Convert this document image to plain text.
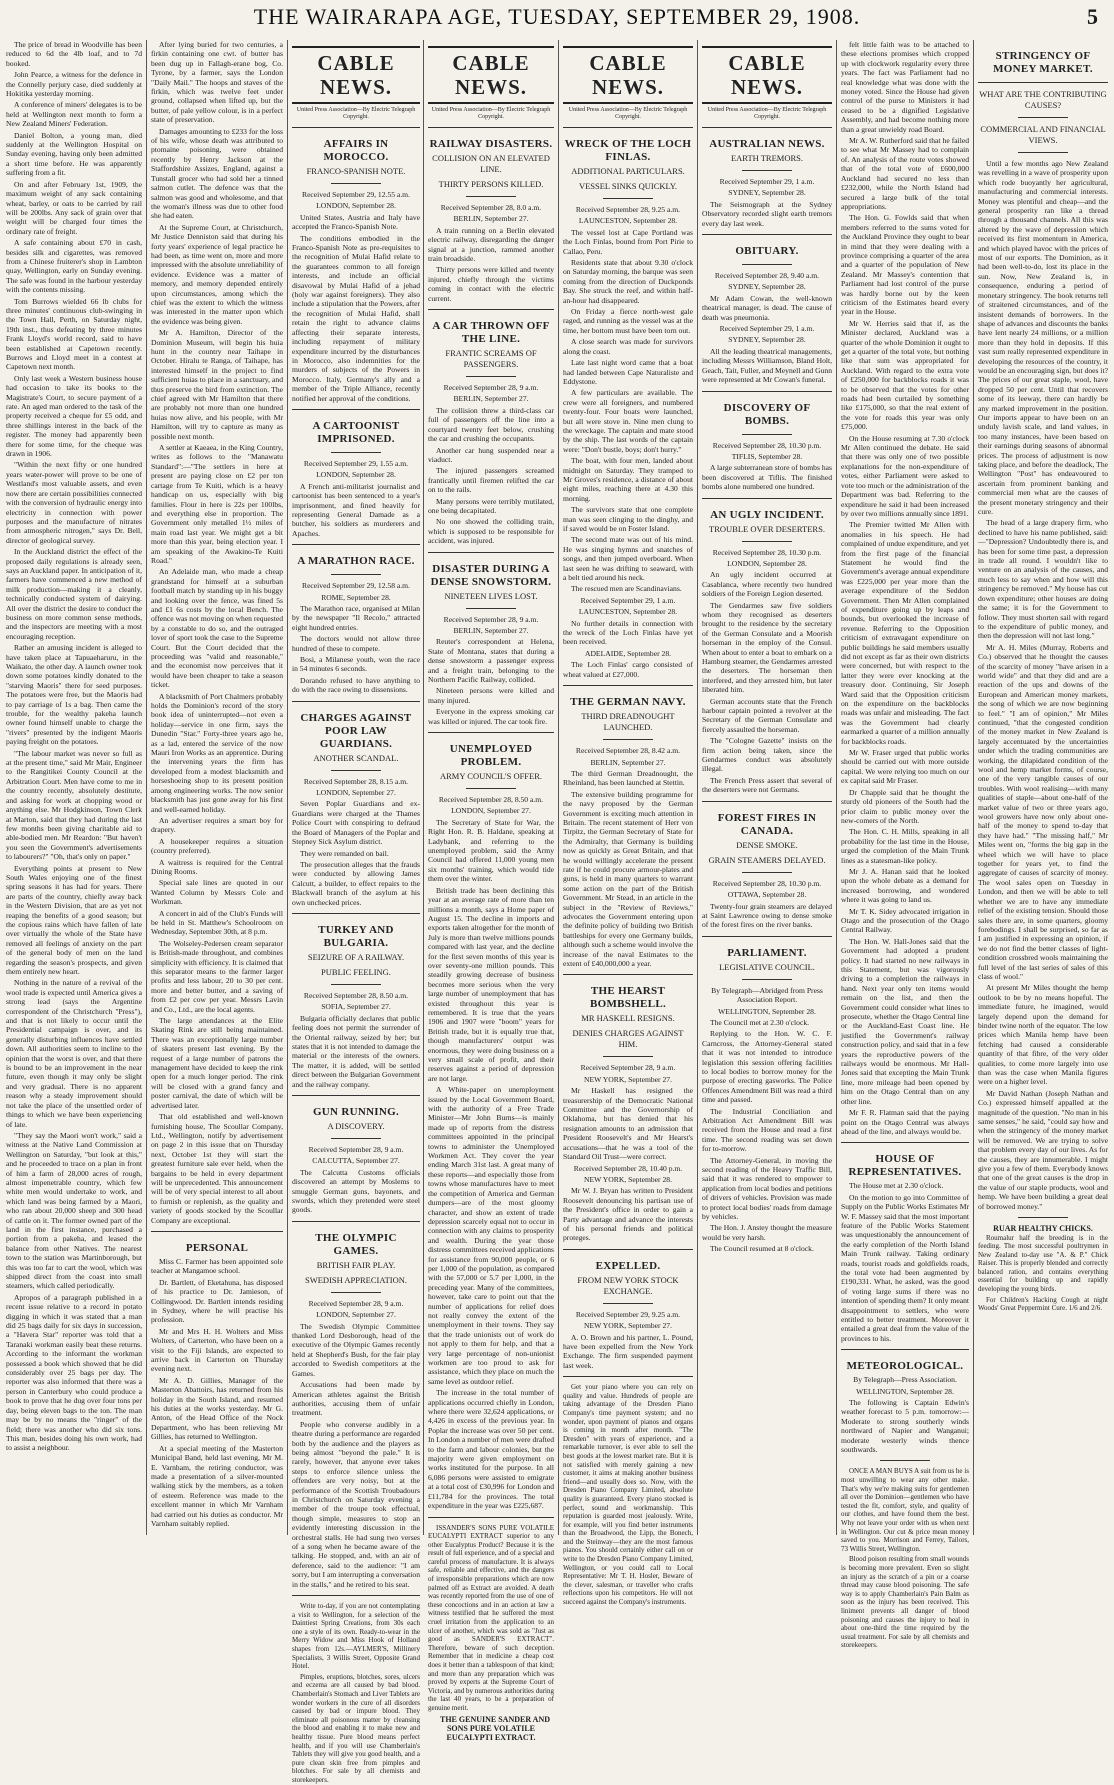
THE WAIRARAPA AGE, TUESDAY, SEPTEMBER 29, 1908.	5

The price of bread in Woodville has been reduced to 6d the 4lb loaf, and to 7d booked.

John Pearce, a witness for the defence in the Connelly perjury case, died suddenly at Hokitika yesterday morning.

A conference of miners' delegates is to be held at Wellington next month to form a New Zealand Miners' Federation.

Daniel Bolton, a young man, died suddenly at the Wellington Hospital on Sunday evening, having only been admitted a short time before. He was apparently suffering from a fit.

On and after February 1st, 1909, the maximum weight of any sack containing wheat, barley, or oats to be carried by rail will be 200lbs. Any sack of grain over that weight will be charged four times the ordinary rate of freight.

A safe containing about £70 in cash, besides silk and cigarettes, was removed from a Chinese fruiterer's shop in Lambton quay, Wellington, early on Sunday evening. The safe was found in the harbour yesterday with the contents missing.

Tom Burrows wielded 66 lb clubs for three minutes' continuous club-swinging in the Town Hall, Perth, on Saturday night, 19th inst., thus defeating by three minutes Frank Lloyd's world record, said to have been established at Capetown recently. Burrows and Lloyd meet in a contest at Capetown next month.

Only last week a Western business house had occasion to take its books to the Magistrate's Court, to secure payment of a rate. An aged man ordered to the task of the property received a cheque for £5 odd, and three shillings interest in the back of the register. The money had apparently been there for some time, for the cheque was drawn in 1906.

"Within the next fifty or one hundred years water-power will prove to be one of Westland's most valuable assets, and even now there are certain possibilities connected with the conversion of hydraulic energy into electricity in connection with power purposes and the manufacture of nitrates from atmospheric nitrogen," says Dr. Bell, director of geological survey.

In the Auckland district the effect of the proposed daily regulations is already seen, says an Auckland paper. In anticipation of it, farmers have commenced a new method of milk production—making it a cleanly, technically conducted system of dairying. All over the district the desire to conduct the business on more common sense methods, and the inspectors are meeting with a most encouraging reception.

Rather an amusing incident is alleged to have taken place at Tapuaeharuru, in the Waikato, the other day. A launch owner took down some potatoes kindly donated to the "starving Maoris" there for seed purposes. The potatoes were free, but the Maoris had to pay carriage of 1s a bag. Then came the trouble, for the wealthy pakeha launch owner found himself unable to charge the "rivers" presented by the indigent Maoris paying freight on the potatoes.

"The labour market was never so full as at the present time," said Mr Mair, Engineer to the Rangitikei County Council at the Arbitration Court. Men have come to me in the country recently, absolutely destitute, and asking for work at chopping wood or anything else. Mr Hodgkinson, Town Clerk at Marton, said that they had during the last few months been giving charitable aid to able-bodied men. Mr Reardon: "But haven't you seen the Government's advertisements to labourers?" "Oh, that's only on paper."

Everything points at present to New South Wales enjoying one of the finest spring seasons it has had for years. There are parts of the country, chiefly away back in the Western Division, that are as yet not reaping the benefits of a good season; but the copious rains which have fallen of late over virtually the whole of the State have removed all feelings of anxiety on the part of the general body of men on the land regarding the season's prospects, and given them entirely new heart.

Nothing in the nature of a revival of the wool trade is expected until America gives a strong lead (says the Argentine correspondent of the Christchurch "Press"), and that is not likely to occur until the Presidential campaign is over, and its generally disturbing influences have settled down. All authorities seem to incline to the opinion that the worst is over, and that there is bound to be an improvement in the near future, even though it may only be slight and very gradual. There is no apparent reason why a steady improvement should not take the place of the unsettled order of things to which we have been experiencing of late.

"They say the Maori won't work," said a witness at the Native Land Commission at Wellington on Saturday, "but look at this," and he proceeded to trace on a plan in front of him a farm of 28,000 acres of rough, almost impenetrable country, which few white men would undertake to work, and which land was being farmed by a Maori, who ran about 20,000 sheep and 300 head of cattle on it. The former owned part of the land in the first instance, purchased a portion from a pakeha, and leased the balance from other Natives. The nearest town to the station was Martinborough, but this was too far to cart the wool, which was shipped direct from the coast into small steamers, which called periodically.

Apropos of a paragraph published in a recent issue relative to a record in potato digging in which it was stated that a man did 25 bags daily for six days in succession, a "Havera Star" reporter was told that a Taranaki workman easily beat these returns. According to the informant the workman possessed a book which showed that he did considerably over 25 bags per day. The reporter was also informed that there was a person in Canterbury who could produce a book to prove that he dug over four tons per day, being eleven bags to the ton. The man may be by no means the "ringer" of the field; there was another who did six tons. This man, besides doing his own work, had to assist a neighbour.

After lying buried for two centuries, a firkin containing one cwt. of butter has been dug up in Fallagh-erane bog, Co. Tyrone, by a farmer, says the London "Daily Mail." The hoops and staves of the firkin, which was twelve feet under ground, collapsed when lifted up, but the butter, of pale yellow colour, is in a perfect state of preservation.

Damages amounting to £233 for the loss of his wife, whose death was attributed to ptomaine poisoning, were obtained recently by Henry Jackson at the Staffordshire Assizes, England, against a Tunstall grocer who had sold her a tinned salmon cutlet. The defence was that the salmon was good and wholesome, and that the woman's illness was due to other food she had eaten.

At the Supreme Court, at Christchurch, Mr Justice Denniston said that during his forty years' experience of legal practice he had been, as time went on, more and more impressed with the absolute unreliability of evidence. Evidence was a matter of memory, and memory depended entirely upon circumstances, among which the chief was the extent to which the witness was interested in the matter upon which the evidence was being given.

Mr A. Hamilton, Director of the Dominion Museum, will begin his huia hunt in the country near Taihape in October. Hiralu te Ranga, of Taihape, has interested himself in the project to find sufficient huias to place in a sanctuary, and thus preserve the bird from extinction. The chief agreed with Mr Hamilton that there are probably not more than one hundred huias now alive, and his people, with Mr Hamilton, will try to capture as many as possible next month.

A settler at Kaeaea, in the King Country, writes as follows to the "Manawatu Standard":—"The settlers in here at present are paying close on £2 per ton cartage from Te Kuiti, which is a heavy handicap on us, especially with big families. Flour in here is 22s per 100lbs, and everything else in proportion. The Government only metalled 1½ miles of main road last year. We might get a bit more than this year, being election year. I am speaking of the Awakino-Te Kuiti Road."

An Adelaide man, who made a cheap grandstand for himself at a suburban football match by standing up in his buggy and looking over the fence, was fined 5s and £1 6s costs by the local Bench. The offence was not moving on when requested by a constable to do so, and the outraged lover of sport took the case to the Supreme Court. But the Court decided that the proceeding was "valid and reasonable," and the economist now perceives that it would have been cheaper to take a season ticket.

A blacksmith of Port Chalmers probably holds the Dominion's record of the story book idea of uninterrupted—not even a holiday—service in one firm, says the Dunedin "Star." Forty-three years ago he, as a lad, entered the service of the now Mauri Iron Works as an apprentice. During the intervening years the firm has developed from a modest blacksmith and horseshoeing shop to its present position among engineering works. The now senior blacksmith has just gone away for his first and well-earned holiday.

An advertiser requires a smart boy for drapery.

A housekeeper requires a situation (country preferred).

A waitress is required for the Central Dining Rooms.

Special sale lines are quoted in our Wanted Column by Messrs Cole and Workman.

A concert in aid of the Club's Funds will be held in St. Matthew's Schoolroom on Wednesday, September 30th, at 8 p.m.

The Wolseley-Pedersen cream separator is British-made throughout, and combines simplicity with efficiency. It is claimed that this separator means to the farmer larger profits and less labour, 20 to 30 per cent. more and better butter, and a saving of from £2 per cow per year. Messrs Lavin and Co., Ltd., are the local agents.

The large attendances at the Elite Skating Rink are still being maintained. There was an exceptionally large number of skaters present last evening. By the request of a large number of patrons the management have decided to keep the rink open for a much longer period. The rink will be closed with a grand fancy and poster carnival, the date of which will be advertised later.

That old established and well-known furnishing house, The Scoullar Company, Ltd., Wellington, notify by advertisement on page 2 in this issue that on Thursday next, October 1st they will start the greatest furniture sale ever held, when the bargains to be held in every department will be unprecedented. This announcement will be of very special interest to all about to furnish or replenish, as the quality and variety of goods stocked by the Scoullar Company are exceptional.

PERSONAL

Miss C. Farmer has been appointed sole teacher at Mangamoe school.

Dr. Bartlett, of Eketahuna, has disposed of his practice to Dr. Jamieson, of Collingwood. Dr. Bartlett intends residing in Sydney, where he will practise his profession.

Mr and Mrs H. H. Wolters and Miss Wolters, of Carterton, who have been on a visit to the Fiji Islands, are expected to arrive back in Carterton on Thursday evening next.

Mr A. D. Gillies, Manager of the Masterton Abattoirs, has returned from his holiday in the South Island, and resumed his duties at the works yesterday. Mr G. Anton, of the Head Office of the Nock Department, who has been relieving Mr Gillies, has returned to Wellington.

At a special meeting of the Masterton Municipal Band, held last evening, Mr M. E. Varnham, the retiring conductor, was made a presentation of a silver-mounted walking stick by the members, as a token of esteem. Reference was made to the excellent manner in which Mr Varnham had carried out his duties as conductor. Mr Varnham suitably replied.

CABLE NEWS.
United Press Association—By Electric Telegraph Copyright.
AFFAIRS IN MOROCCO.
FRANCO-SPANISH NOTE.

Received September 29, 12.55 a.m.

LONDON, September 28.

United States, Austria and Italy have accepted the Franco-Spanish Note.

The conditions embodied in the Franco-Spanish Note as pre-requisites to the recognition of Mulai Hafid relate to the guarantees common to all foreign interests, and include an official disavowal by Mulai Hafid of a jehad (holy war against foreigners). They also include a stipulation that the Powers, after the recognition of Mulai Hafid, shall retain the right to advance claims affecting their separate interests, including repayment of military expenditure incurred by the disturbances in Morocco, also indemnities for the murders of subjects of the Powers in Morocco. Italy, Germany's ally and a member of the Triple Alliance, recently notified her approval of the conditions.

A CARTOONIST IMPRISONED.

Received September 29, 1.55 a.m.

LONDON, September 28.

A French anti-militarist journalist and cartoonist has been sentenced to a year's imprisonment, and fined heavily for representing General Damade as a butcher, his soldiers as murderers and Apaches.

A MARATHON RACE.

Received September 29, 12.58 a.m.

ROME, September 28.

The Marathon race, organised at Milan by the newspaper "Il Recolo," attracted eight hundred entries.

The doctors would not allow three hundred of these to compete.

Bosi, a Milanese youth, won the race in 54 minutes 6 seconds.

Dorando refused to have anything to do with the race owing to dissensions.

CHARGES AGAINST POOR LAW GUARDIANS.
ANOTHER SCANDAL.

Received September 28, 8.15 a.m.

LONDON, September 27.

Seven Poplar Guardians and ex-Guardians were charged at the Thames Police Court with conspiring to defraud the Board of Managers of the Poplar and Stepney Sick Asylum district.

They were remanded on bail.

The prosecution alleges that the frauds were conducted by allowing James Calcutt, a builder, to effect repairs to the Blackwall branch of the asylum at his own unchecked prices.

TURKEY AND BULGARIA.
SEIZURE OF A RAILWAY.
PUBLIC FEELING.

Received September 28, 8.50 a.m.

SOFIA, September 27.

Bulgaria officially declares that public feeling does not permit the surrender of the Oriental railway, seized by her; but states that it is not intended to damage the material or the interests of the owners. The matter, it is added, will be settled direct between the Bulgarian Government and the railway company.

GUN RUNNING.
A DISCOVERY.

Received September 28, 9 a.m.

CALCUTTA, September 27.

The Calcutta Customs officials discovered an attempt by Moslems to smuggle German guns, bayonets, and swords, which they pretended were steel goods.

THE OLYMPIC GAMES.
BRITISH FAIR PLAY.
SWEDISH APPRECIATION.

Received September 28, 9 a.m.

LONDON, September 27.

The Swedish Olympic Committee thanked Lord Desborough, head of the executive of the Olympic Games recently held at Shepherd's Bush, for the fair play accorded to Swedish competitors at the Games.

Accusations had been made by American athletes against the British authorities, accusing them of unfair treatment.

People who converse audibly in a theatre during a performance are regarded both by the audience and the players as being almost "beyond the pale." It is rarely, however, that anyone ever takes steps to enforce silence unless the offenders are very noisy, but at the performance of the Scottish Troubadours in Christchurch on Saturday evening a member of the troupe took effectual, though simple, measures to stop an evidently interesting discussion in the orchestral stalls. He had sung two verses of a song when he became aware of the talking. He stopped, and, with an air of deference, said to the audience: "I am sorry, but I am interrupting a conversation in the stalls," and he retired to his seat.

Write to-day, if you are not contemplating a visit to Wellington, for a selection of the Daintiest Spring Creations, from 30s each one a style of its own. Ready-to-wear in the Merry Widow and Miss Hook of Holland shapes from 12s.—AYLMER'S, Millinery Specialists, 3 Willis Street, Opposite Grand Hotel.

Pimples, eruptions, blotches, sores, ulcers and eczema are all caused by bad blood. Chamberlain's Stomach and Liver Tablets are wonder workers in the cure of all disorders caused by bad or impure blood. They eliminate all poisonous matter by cleansing the blood and enabling it to make new and healthy tissue. Pure blood means perfect health, and if you will use Chamberlain's Tablets they will give you good health, and a pure clean skin free from pimples and blotches. For sale by all chemists and storekeepers.

CABLE NEWS.
United Press Association—By Electric Telegraph Copyright.
RAILWAY DISASTERS.
COLLISION ON AN ELEVATED LINE.
THIRTY PERSONS KILLED.

Received September 28, 8.0 a.m.

BERLIN, September 27.

A train running on a Berlin elevated electric railway, disregarding the danger signal at a junction, rammed another train broadside.

Thirty persons were killed and twenty injured, chiefly through the victims coming in contact with the electric current.

A CAR THROWN OFF THE LINE.
FRANTIC SCREAMS OF PASSENGERS.

Received September 28, 9 a.m.

BERLIN, September 27.

The collision threw a third-class car full of passengers off the line into a courtyard twenty feet below, crushing the car and crushing the occupants.

Another car hung suspended near a viaduct.

The injured passengers screamed frantically until firemen relifted the car on to the rails.

Many persons were terribly mutilated, one being decapitated.

No one showed the colliding train, which is supposed to be responsible for accident, was injured.

DISASTER DURING A DENSE SNOWSTORM.
NINETEEN LIVES LOST.

Received September 28, 9 a.m.

BERLIN, September 27.

Reuter's correspondent at Helena, State of Montana, states that during a dense snowstorm a passenger express and a freight train, belonging to the Northern Pacific Railway, collided.

Nineteen persons were killed and many injured.

Everyone in the express smoking car was killed or injured. The car took fire.

UNEMPLOYED PROBLEM.
ARMY COUNCIL'S OFFER.

Received September 28, 8.50 a.m.

LONDON, September 27.

The Secretary of State for War, the Right Hon. R. B. Haldane, speaking at Ladybank, and referring to the unemployed problem, said the Army Council had offered 11,000 young men six months' training, which would tide them over the winter.

British trade has been declining this year at an average rate of more than ten millions a month, says a Home paper of August 15. The decline in imports and exports taken altogether for the month of July is more than twelve millions pounds compared with last year, and the decline for the first seven months of this year is over seventy-one million pounds. This steadily growing decrease of business becomes more serious when the very large number of unemployment that has existed throughout this year is remembered. It is true that the years 1906 and 1907 were "boom" years for British trade, but it is equally true that, though manufacturers' output was enormous, they were doing business on a very small scale of profit, and their reserves against a period of depression are not large.

A White-paper on unemployment issued by the Local Government Board, with the authority of a Free Trade Minister—Mr John Burns—is mainly made up of reports from the distress committees appointed in the principal towns to administer the Unemployed Workmen Act. They cover the year ending March 31st last. A great many of these reports—and especially those from towns whose manufactures have to meet the competition of America and German dumpers—are of the most gloomy character, and show an extent of trade depression scarcely equal not to occur in connection with any claims to prosperity and wealth. During the year those distress committees received applications for assistance from 90,000 people, or 6 per 1,000 of the population, as compared with the 57,000 or 5.7 per 1,000, in the preceding year. Many of the committees, however, take care to point out that the number of applications for relief does not really convey the extent of the unemployment in their towns. They say that the trade unionists out of work do not apply to them for help, and that a very large percentage of non-unionist workmen are too proud to ask for assistance, which they place on much the same level as outdoor relief.

The increase in the total number of applications occurred chiefly in London, where there were 32,624 applications, or 4,426 in excess of the previous year. In Poplar the increase was over 50 per cent. In London a number of men were drafted to the farm and labour colonies, but the majority were given employment on works instituted for the purpose. In all 6,086 persons were assisted to emigrate at a total cost of £30,996 for London and £11,784 for the provinces. The total expenditure in the year was £225,687.

ISSANDER'S SONS PURE VOLATILE EUCALYPTI EXTRACT superior to any other Eucalyptus Product? Because it is the result of full experience, and of a special and careful process of manufacture. It is always safe, reliable and effective, and the dangers of irresponsible preparations which are now palmed off as Extract are avoided. A death was recently reported from the use of one of these concoctions and in an action at law a witness testified that he suffered the most cruel irritation from the application to an ulcer of another, which was sold as "Just as good as SANDER'S EXTRACT". Therefore, beware of such deception. Remember that in medicine a cheap cost does it better than a tablespoon of that kind; and more than any preparation which was proved by experts at the Supreme Court of Victoria, and by numerous authorities during the last 40 years, to be a preparation of genuine merit.

THE GENUINE SANDER AND SONS PURE VOLATILE EUCALYPTI EXTRACT.

CABLE NEWS.
United Press Association—By Electric Telegraph Copyright.
WRECK OF THE LOCH FINLAS.
ADDITIONAL PARTICULARS.
VESSEL SINKS QUICKLY.

Received September 28, 9.25 a.m.

LAUNCESTON, September 28.

The vessel lost at Cape Portland was the Loch Finlas, bound from Port Pirie to Callao, Peru.

Residents state that about 9.30 o'clock on Saturday morning, the barque was seen coming from the direction of Duckponds Bay. She struck the reef, and within half-an-hour had disappeared.

On Friday a fierce north-west gale raged, and running as the vessel was at the time, her bottom must have been torn out.

A close search was made for survivors along the coast.

Late last night word came that a boat had landed between Cape Naturaliste and Eddystone.

A few particulars are available. The crew were all foreigners, and numbered twenty-four. Four boats were launched, but all were stove in. Nine men clung to the wreckage. The captain and mate stood by the ship. The last words of the captain were: "Don't bustle, boys; don't hurry."

The boat, with four men, landed about midnight on Saturday. They tramped to Mr Groves's residence, a distance of about eight miles, reaching there at 4.30 this morning.

The survivors state that one complete man was seen clinging to the dinghy, and if saved would be on Foster Island.

The second mate was out of his mind. He was singing hymns and snatches of songs, and then jumped overboard. When last seen he was drifting to seaward, with a belt tied around his neck.

The rescued men are Scandinavians.

Received September 29, 1 a.m.

LAUNCESTON, September 28.

No further details in connection with the wreck of the Loch Finlas have yet been received.

ADELAIDE, September 28.

The Loch Finlas' cargo consisted of wheat valued at £27,000.

THE GERMAN NAVY.
THIRD DREADNOUGHT LAUNCHED.

Received September 28, 8.42 a.m.

BERLIN, September 27.

The third German Dreadnought, the Rheinland, has been launched at Stettin.

The extensive building programme for the navy proposed by the German Government is exciting much attention in Britain. The recent statement of Herr von Tirpitz, the German Secretary of State for the Admiralty, that Germany is building now as quickly as Great Britain, and that he would willingly accelerate the present rate if he could procure armour-plates and guns, is held in many quarters to warrant some action on the part of the British Government. Mr Stead, in an article in the subject in the "Review of Reviews," advocates the Government entering upon the definite policy of building two British battleships for every one Germany builds, although such a scheme would involve the increase of the naval Estimates to the extent of £40,000,000 a year.

THE HEARST BOMBSHELL.
MR HASKELL RESIGNS.
DENIES CHARGES AGAINST HIM.

Received September 28, 9 a.m.

NEW YORK, September 27.

Mr Haskell has resigned the treasurership of the Democratic National Committee and the Governorship of Oklahoma, but has denied that his resignation amounts to an admission that President Roosevelt's and Mr Hearst's accusations—that he was a tool of the Standard Oil Trust—were correct.

Received September 28, 10.40 p.m.

NEW YORK, September 28.

Mr W. J. Bryan has written to President Roosevelt denouncing his partisan use of the President's office in order to gain a Party advantage and advance the interests of his personal friends and political proteges.

EXPELLED.
FROM NEW YORK STOCK EXCHANGE.

Received September 29, 9.25 a.m.

NEW YORK, September 27.

A. O. Brown and his partner, L. Pound, have been expelled from the New York Exchange. The firm suspended payment last week.

Get your piano where you can rely on quality and value. Hundreds of people are taking advantage of the Dresden Piano Company's time payment system; and no wonder, upon payment of pianos and organs is coming in month after month. "The Dresden" with years of experience, and a remarkable turnover, is ever able to sell the best goods at the lowest market rate. But it is not satisfied with merely gaining a new customer, it aims at making another business friend—and usually does so. Now, with the Dresden Piano Company Limited, absolute quality is guaranteed. Every piano stocked is perfect, sound and workmanship. This reputation is guarded most jealously. Write, for example, will you find better instruments than the Broadwood, the Lipp, the Bonech, and the Steinway—they are the most famous pianos. You should certainly either call on or write to the Dresden Piano Company Limited, Wellington, or you could call to Local Representative: Mr T. H. Hosler, Beware of the clever, salesman, or traveller who crafts reflections upon his competitors. He will not succeed against the Company's instruments.

CABLE NEWS.
United Press Association—By Electric Telegraph Copyright.
AUSTRALIAN NEWS.
EARTH TREMORS.

Received September 29, 1 a.m.

SYDNEY, September 28.

The Seismograph at the Sydney Observatory recorded slight earth tremors every day last week.

OBITUARY.

Received September 28, 9.40 a.m.

SYDNEY, September 28.

Mr Adam Cowan, the well-known theatrical manager, is dead. The cause of death was pneumonia.

Received September 29, 1 a.m.

SYDNEY, September 28.

All the leading theatrical managements, including Messrs Williamson, Bland Holt, Geach, Tait, Fuller, and Meynell and Gunn were represented at Mr Cowan's funeral.

DISCOVERY OF BOMBS.

Received September 28, 10.30 p.m.

TIFLIS, September 28.

A large subterranean store of bombs has been discovered at Tiflis. The finished bombs alone numbered one hundred.

AN UGLY INCIDENT.
TROUBLE OVER DESERTERS.

Received September 28, 10.30 p.m.

LONDON, September 28.

An ugly incident occurred at Casablanca, where recently two hundred soldiers of the Foreign Legion deserted.

The Gendarmes saw five soldiers whom they recognised as deserters brought to the residence by the secretary of the German Consulate and a Moorish horseman in the employ of the Consul. When about to enter a boat to embark on a Hamburg steamer, the Gendarmes arrested the deserters. The horseman then interfered, and they arrested him, but later liberated him.

German accounts state that the French harbour captain pointed a revolver at the Secretary of the German Consulate and fiercely assaulted the horseman.

The "Cologne Gazette" insists on the firm action being taken, since the Gendarmes conduct was absolutely illegal.

The French Press assert that several of the deserters were not Germans.

FOREST FIRES IN CANADA.
DENSE SMOKE.
GRAIN STEAMERS DELAYED.

Received September 28, 10.30 p.m.

OTTAWA, September 28.

Twenty-four grain steamers are delayed at Saint Lawrence owing to dense smoke of the forest fires on the river banks.

PARLIAMENT.
LEGISLATIVE COUNCIL.

By Telegraph—Abridged from Press Association Report.

WELLINGTON, September 28.

The Council met at 2.30 o'clock.

Replying to the Hon. W. C. F. Carncross, the Attorney-General stated that it was not intended to introduce legislation this session offering facilities to local bodies to borrow money for the purpose of erecting gasworks. The Police Offences Amendment Bill was read a third time and passed.

The Industrial Conciliation and Arbitration Act Amendment Bill was received from the House and read a first time. The second reading was set down for to-morrow.

The Attorney-General, in moving the second reading of the Heavy Traffic Bill, said that it was rendered to empower to application from local bodies and petitions of drivers of vehicles. Provision was made to protect local bodies' roads from damage by vehicles.

The Hon. J. Anstey thought the measure would be very harsh.

The Council resumed at 8 o'clock.

felt little faith was to be attached to these elections promises which cropped up with clockwork regularity every three years. The fact was Parliament had no real knowledge what was done with the money voted. Since the House had given control of the purse to Ministers it had ceased to be a dignified Legislative Assembly, and had become nothing more than a great unwieldy road Board.

Mr A. W. Rutherford said that he failed to see what Mr Massey had to complain of. An analysis of the route votes showed that of the total vote of £600,000 Auckland had secured no less than £232,000, while the North Island had secured a large bulk of the total appropriations.

The Hon. G. Fowlds said that when members referred to the sums voted for the Auckland Province they ought to bear in mind that they were dealing with a province comprising a quarter of the area and a quarter of the population of New Zealand. Mr Massey's contention that Parliament had lost control of the purse was hardly borne out by the keen criticism of the Estimates heard every year in the House.

Mr W. Herries said that if, as the Minister declared, Auckland was a quarter of the whole Dominion it ought to get a quarter of the total vote, but nothing like that sum was appropriated for Auckland. With regard to the extra vote of £250,000 for backblocks roads it was to be observed that the votes for other roads had been curtailed by something like £175,000, so that the real extent of the vote for roads this year was only £75,000.

On the House resuming at 7.30 o'clock Mr Allen continued the debate. He said that there was only one of two possible explanations for the non-expenditure of votes, either Parliament were asked to vote too much or the administration of the Department was bad. Referring to the expenditure he said it had been increased by over two millions annually since 1891.

The Premier twitted Mr Allen with anomalies in his speech. He had complained of undue expenditure, and yet from the first page of the financial Statement he would find the Government's average annual expenditure was £225,000 per year more than the average expenditure of the Seddon Government. Then Mr Allen complained of expenditure going up by leaps and bounds, but overlooked the increase of revenue. Referring to the Opposition criticism of extravagant expenditure on public buildings he said members usually did not except as far as their own districts were concerned, but with respect to the latter they were ever knocking at the treasury door. Continuing, Sir Joseph Ward said that the Opposition criticism on the expenditure on the backblocks roads was unfair and misleading. The fact was the Government had clearly earmarked a quarter of a million annually for backblocks roads.

Mr W. Fraser urged that public works should be carried out with more outside capital. We were relying too much on our ex capital said Mr Fraser.

Dr Chapple said that he thought the sturdy old pioneers of the South had the prior claim to public money over the new-comers of the North.

The Hon. C. H. Mills, speaking in all probability for the last time in the House, urged the completion of the Main Trunk lines as a statesman-like policy.

Mr J. A. Hanan said that he looked upon the whole debate as a demand for increased borrowing, and wondered where it was going to land us.

Mr T. K. Sidey advocated irrigation in Otago and the prosecution of the Otago Central Railway.

The Hon. W. Hall-Jones said that the Government had adopted a prudent policy. It had started no new railways in this Statement, but was vigorously driving to a completion the railways in hand. Next year only ten items would remain on the list, and then the Government could consider what lines to prosecute, whether the Otago Central line or the Auckland-East Coast line. He justified the Government's railway construction policy, and said that in a few years the reproductive powers of the railways would be enormous. Mr Hall-Jones said that excepting the Main Trunk line, more mileage had been opened by him on the Otago Central than on any other line.

Mr F. R. Flatman said that the paying point on the Otago Central was always ahead of the line, and always would be.

HOUSE OF REPRESENTATIVES.

The House met at 2.30 o'clock.

On the motion to go into Committee of Supply on the Public Works Estimates Mr W. F. Massey said that the most important feature of the Public Works Statement was unquestionably the announcement of the early completion of the North Island Main Trunk railway. Taking ordinary roads, tourist roads and goldfields roads, the total vote had been augmented by £190,331. What, he asked, was the good of voting large sums if there was no intention of spending them? It only meant disappointment to settlers, who were entitled to better treatment. Moreover it entailed a great deal from the value of the provinces to his.

METEOROLOGICAL.

By Telegraph—Press Association.

WELLINGTON, September 28.

The following is Captain Edwin's weather forecast to 5 p.m. tomorrow:—Moderate to strong southerly winds northward of Napier and Wanganui; moderate westerly winds thence southwards.

ONCE A MAN BUYS A suit from us he is most unwilling to wear any other make. That's why we're making suits for gentlemen all over the Dominion—gentlemen who have tested the fit, comfort, style, and quality of our clothes, and have found them the best. Why not leave your order with us when next in Wellington. Our cut & price mean money saved to you. Morrison and Ferrey, Tailors, 73 Willis Street, Wellington.

Blood poison resulting from small wounds is becoming more prevalent. Even so slight an injury as the scratch of a pin or a coarse thread may cause blood poisoning. The safe way is to apply Chamberlain's Pain Balm as soon as the injury has been received. This liniment prevents all danger of blood poisoning and causes the injury to heal in about one-third the time required by the usual treatment. For sale by all chemists and storekeepers.

STRINGENCY OF MONEY MARKET.
WHAT ARE THE CONTRIBUTING CAUSES?
COMMERCIAL AND FINANCIAL VIEWS.

Until a few months ago New Zealand was revelling in a wave of prosperity upon which rode buoyantly her agricultural, manufacturing and commercial interests. Money was plentiful and cheap—and the general prosperity ran like a thread through a thousand channels. All this was altered by the wave of depression which received its first momentum in America, and which played havoc with the prices of most of our exports. The Dominion, as it had been well-to-do, lost its place in the sun. Now, New Zealand is, in consequence, enduring a period of monetary stringency. The book returns tell of straitened circumstances, and of the insistent demands of borrowers. In the shape of advances and discounts the banks have lent nearly 24 millions, or a million more than they hold in deposits. If this vast sum really represented expenditure in developing the resources of the country, it would be an encouraging sign, but does it? The prices of our great staple, wool, have dropped 50 per cent. Until that recovers some of its leeway, there can hardly be any marked improvement in the position. Our imports appear to have been on an unduly lavish scale, and land values, in too many instances, have been based on their earnings during seasons of abnormal prices. The process of adjustment is now taking place, and before the deadlock, The Wellington "Post" has endeavoured to ascertain from prominent banking and commercial men what are the causes of the present monetary stringency and their cure.

The head of a large drapery firm, who declined to have his name published, said:—"Depression? Undoubtedly there is, and has been for some time past, a depression in trade all round. I wouldn't like to venture on an analysis of the causes, and much less to say when and how will this stringency be removed." My house has cut down expenditure; other houses are doing the same; it is for the Government to follow. They must shorten sail with regard to the expenditure of public money, and then the depression will not last long."

Mr A. H. Miles (Murray, Roberts and Co.) observed that he thought the causes of the scarcity of money "have arisen in a world wide" and that they did and are a reaction of the ups and downs of the European and American money markets, the song of which we are now beginning to feel." "I am of opinion," Mr Miles continued, "that the congested condition of the money market in New Zealand is largely accentuated by the uncertainties under which the trading communities are working, the dilapidated condition of the wool and hemp market forms, of course, one of the very tangible causes of our troubles. With wool realising—with many qualities of staple—about one-half of the market value of two or three years ago, wool growers have now only about one-half of the money to spend to-day that they have had." "The missing half," Mr Miles went on, "forms the big gap in the wheel which we will have to place together for years yet, to find the aggregate of causes of scarcity of money. The wool sales open on Tuesday in London, and then we will be able to tell whether we are to have any immediate relief of the existing tension. Should those sales there are, in some quarters, gloomy forebodings. I shall be surprised, so far as I am justified in expressing an opinion, if we do not find the better classes of light-condition crossbred wools maintaining the full level of the last series of sales of this class of wool."

At present Mr Miles thought the hemp outlook to be by no means hopeful. The immediate future, he imagined, would largely depend upon the demand for binder twine north of the equator. The low prices which Manila hemp have been fetching had caused a considerable quantity of that fibre, of the very older qualities, to come more largely into use than was the case when Manila figures were on a higher level.

Mr David Nathan (Joseph Nathan and Co.) expressed himself appalled at the magnitude of the question. "No man in his same senses," he said, "could say how and when the stringency of the money market will be removed. We are trying to solve that problem every day of our lives. As for the causes, they are innumerable. I might give you a few of them. Everybody knows that one of the great causes is the drop in the value of our staple products, wool and hemp. We have been building a great deal of borrowed money."

RUAR HEALTHY CHICKS.

Roumalur half the breeding is in the feeding. The most successful poultrymen in New Zealand to-day use "A. & P." Chick Raiser. This is properly blended and correctly balanced ration, and contains everything essential for building up and rapidly developing the young birds.

For Children's Hacking Cough at night Woods' Great Peppermint Cure. 1/6 and 2/6.
